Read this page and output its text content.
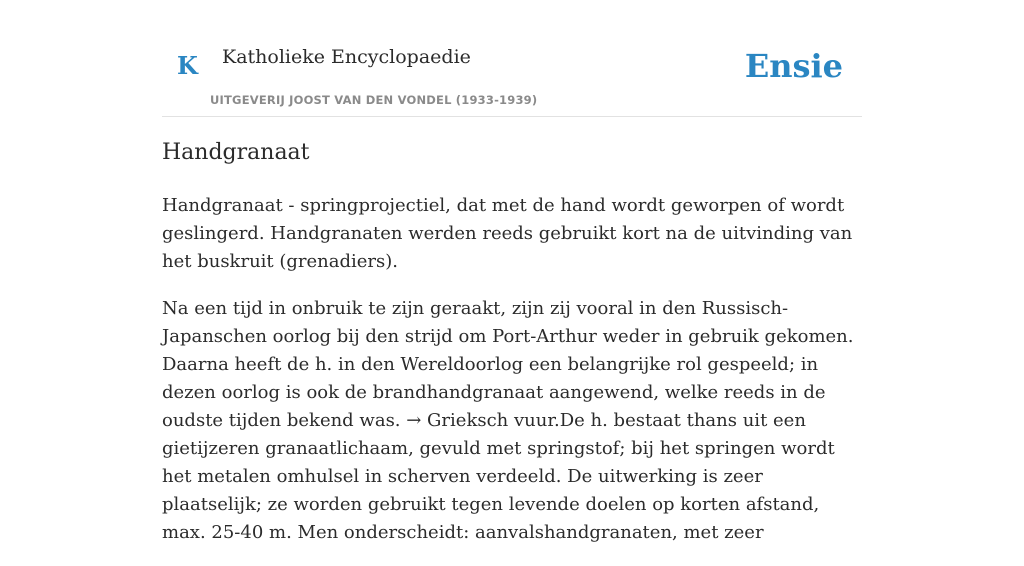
K Katholieke Encyclopaedie
UITGEVERIJ JOOST VAN DEN VONDEL (1933-1939)
Ensie
Handgranaat

Handgranaat - springprojectiel, dat met de hand wordt geworpen of wordt geslingerd. Handgranaten werden reeds gebruikt kort na de uitvinding van het buskruit (grenadiers).

Na een tijd in onbruik te zijn geraakt, zijn zij vooral in den Russisch-Japanschen oorlog bij den strijd om Port-Arthur weder in gebruik gekomen. Daarna heeft de h. in den Wereldoorlog een belangrijke rol gespeeld; in dezen oorlog is ook de brandhandgranaat aangewend, welke reeds in de oudste tijden bekend was. → Grieksch vuur.De h. bestaat thans uit een gietijzeren granaatlichaam, gevuld met springstof; bij het springen wordt het metalen omhulsel in scherven verdeeld. De uitwerking is zeer plaatselijk; ze worden gebruikt tegen levende doelen op korten afstand, max. 25-40 m. Men onderscheidt: aanvalshandgranaten, met zeer
